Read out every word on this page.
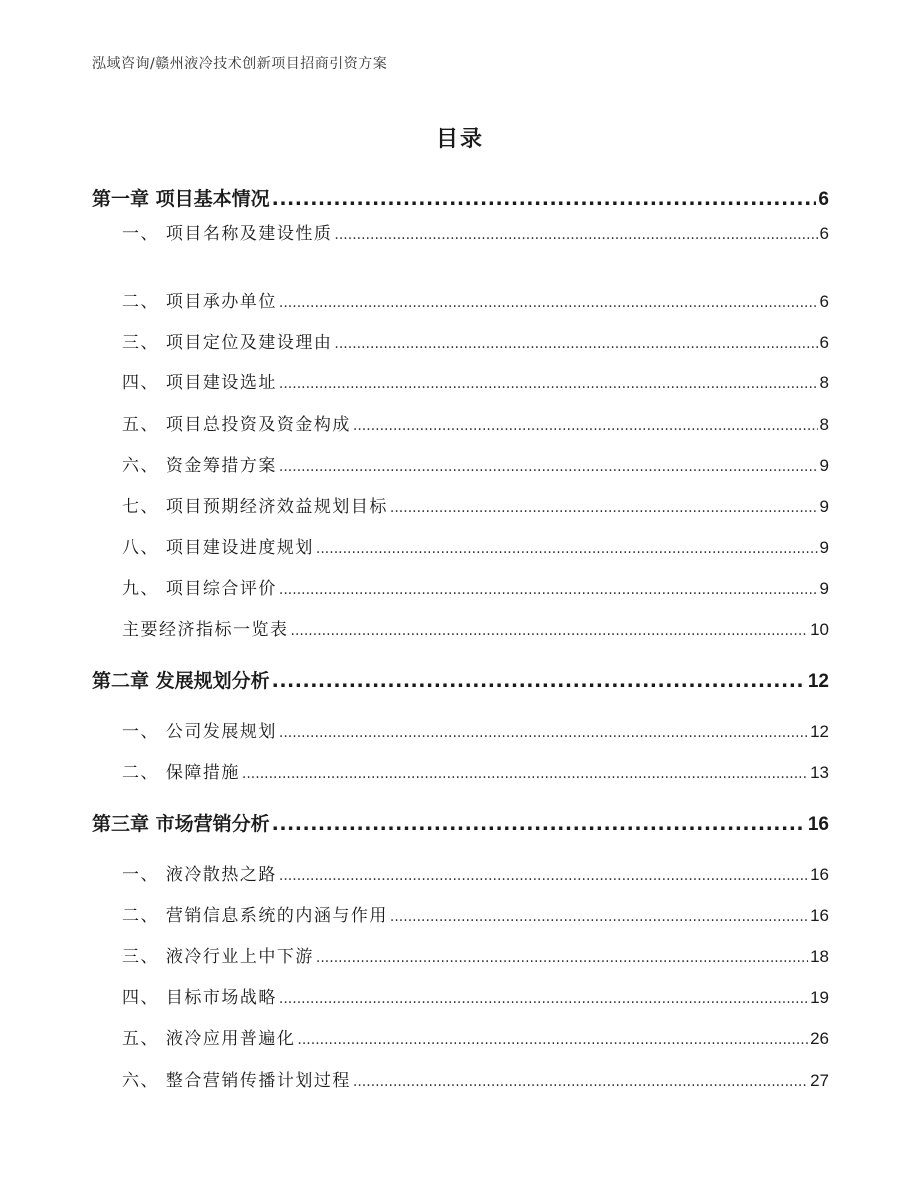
泓域咨询/赣州液冷技术创新项目招商引资方案
目录
第一章 项目基本情况 .....	6
一、 项目名称及建设性质 .....	6
二、 项目承办单位 .....	6
三、 项目定位及建设理由 .....	6
四、 项目建设选址 .....	8
五、 项目总投资及资金构成 .....	8
六、 资金筹措方案 .....	9
七、 项目预期经济效益规划目标 .....	9
八、 项目建设进度规划 .....	9
九、 项目综合评价 .....	9
主要经济指标一览表 .....	10
第二章 发展规划分析 .....	12
一、 公司发展规划 .....	12
二、 保障措施 .....	13
第三章 市场营销分析 .....	16
一、 液冷散热之路 .....	16
二、 营销信息系统的内涵与作用 .....	16
三、 液冷行业上中下游 .....	18
四、 目标市场战略 .....	19
五、 液冷应用普遍化 .....	26
六、 整合营销传播计划过程 .....	27
